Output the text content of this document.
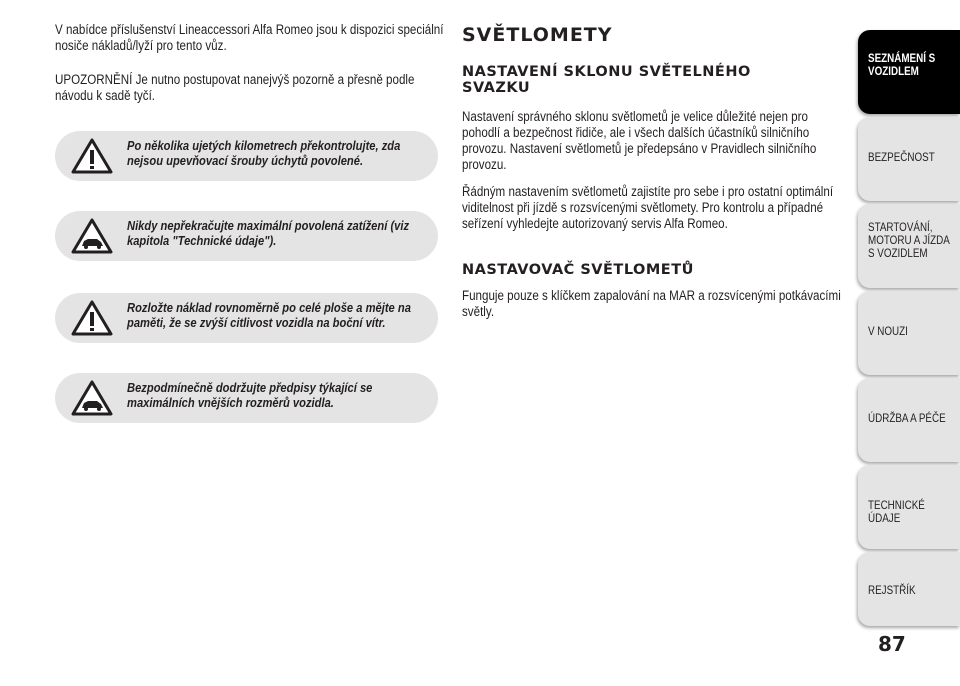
V nabídce příslušenství Lineaccessori Alfa Romeo jsou k dispozici speciální nosiče nákladů/lyží pro tento vůz.

UPOZORNĚNÍ Je nutno postupovat nanejvýš pozorně a přesně podle návodu k sadě tyčí.

Po několika ujetých kilometrech překontrolujte, zda nejsou upevňovací šrouby úchytů povolené.

Nikdy nepřekračujte maximální povolená zatížení (viz kapitola "Technické údaje").

Rozložte náklad rovnoměrně po celé ploše a mějte na paměti, že se zvýší citlivost vozidla na boční vítr.

Bezpodmínečně dodržujte předpisy týkající se maximálních vnějších rozměrů vozidla.

SVĚTLOMETY
NASTAVENÍ SKLONU SVĚTELNÉHO SVAZKU

Nastavení správného sklonu světlometů je velice důležité nejen pro pohodlí a bezpečnost řidiče, ale i všech dalších účastníků silničního provozu. Nastavení světlometů je předepsáno v Pravidlech silničního provozu.

Řádným nastavením světlometů zajistíte pro sebe i pro ostatní optimální viditelnost při jízdě s rozsvícenými světlomety. Pro kontrolu a případné seřízení vyhledejte autorizovaný servis Alfa Romeo.

NASTAVOVAČ SVĚTLOMETŮ

Funguje pouze s klíčkem zapalování na MAR a rozsvícenými potkávacími světly.

SEZNÁMENÍ S VOZIDLEM

BEZPEČNOST

STARTOVÁNÍ, MOTORU A JÍZDA S VOZIDLEM

V NOUZI

ÚDRŽBA A PÉČE

TECHNICKÉ ÚDAJE

REJSTŘÍK

87
